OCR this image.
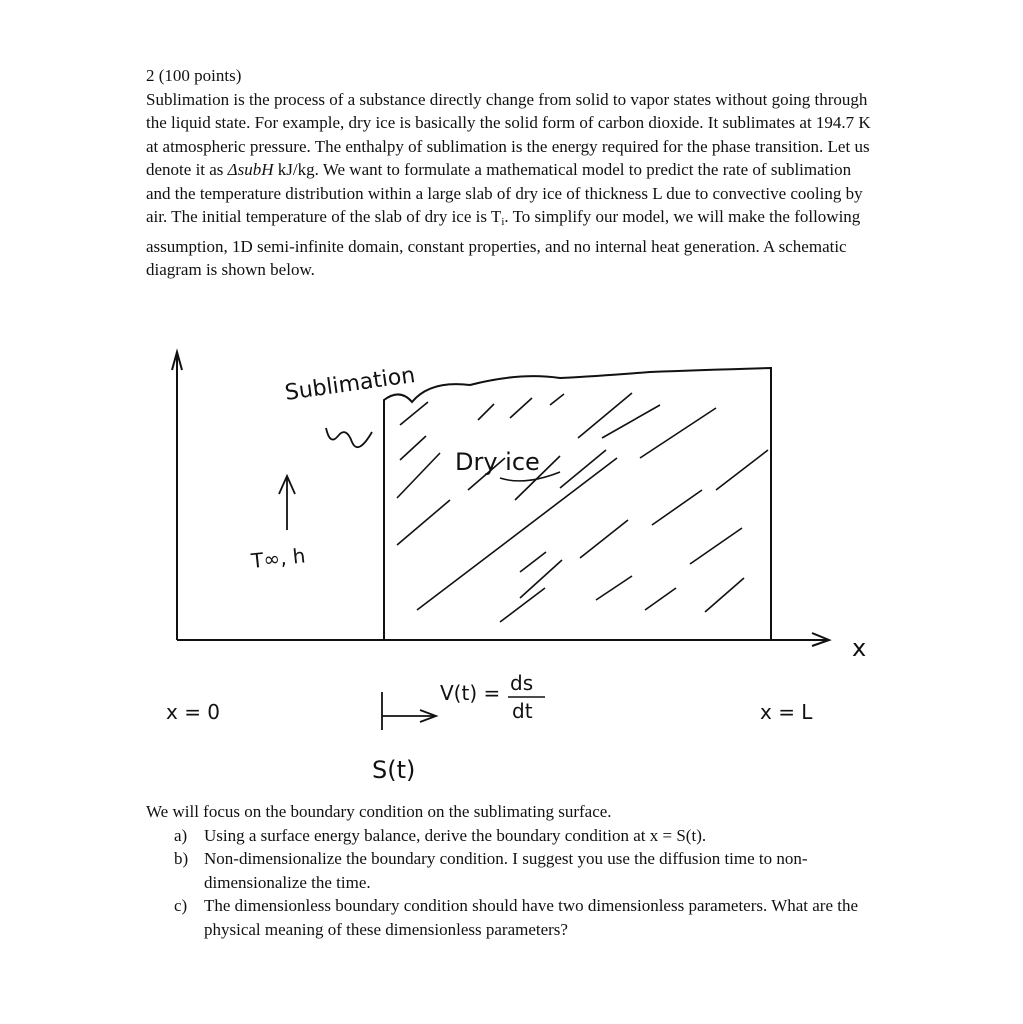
2 (100 points)

Sublimation is the process of a substance directly change from solid to vapor states without going through the liquid state. For example, dry ice is basically the solid form of carbon dioxide. It sublimates at 194.7 K at atmospheric pressure. The enthalpy of sublimation is the energy required for the phase transition. Let us denote it as ΔsubH kJ/kg. We want to formulate a mathematical model to predict the rate of sublimation and the temperature distribution within a large slab of dry ice of thickness L due to convective cooling by air. The initial temperature of the slab of dry ice is Ti. To simplify our model, we will make the following assumption, 1D semi-infinite domain, constant properties, and no internal heat generation. A schematic diagram is shown below.

Sublimation
Dry ice
T∞, h
x
x = 0	x = L
S(t)
V(t) = ds
dt

We will focus on the boundary condition on the sublimating surface.

a) Using a surface energy balance, derive the boundary condition at x = S(t).
b) Non-dimensionalize the boundary condition. I suggest you use the diffusion time to non-dimensionalize the time.
c) The dimensionless boundary condition should have two dimensionless parameters. What are the physical meaning of these dimensionless parameters?
